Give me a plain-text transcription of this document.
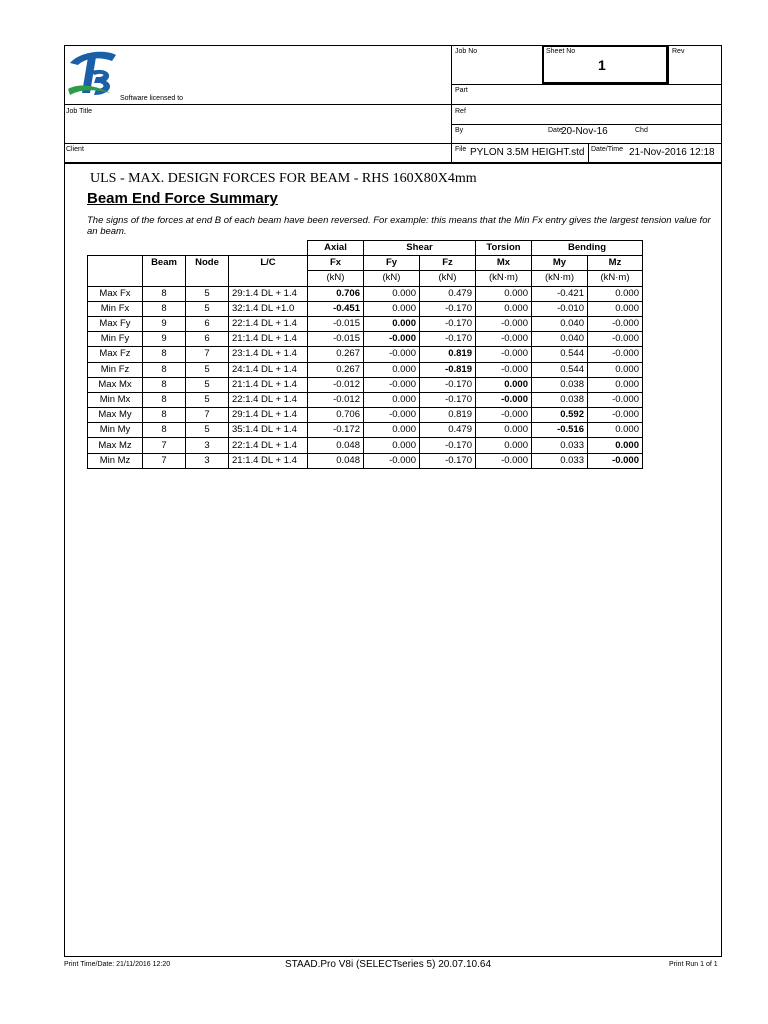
Software licensed to
Job No	Sheet No
1
Rev
Part
Job Title	Ref
By	Date
20-Nov-16	Chd
Client	File PYLON 3.5M HEIGHT.std Date/Time 21-Nov-2016 12:18
ULS - MAX. DESIGN FORCES FOR BEAM - RHS 160X80X4mm
Beam End Force Summary
The signs of the forces at end B of each beam have been reversed. For example: this means that the Min Fx entry gives the largest tension value for an beam.
				Axial	Shear		Torsion	Bending	
	Beam	Node	L/C	Fx	Fy	Fz	Mx	My	Mz
				(kN)	(kN)	(kN)	(kN·m)	(kN·m)	(kN·m)
Max Fx	8	5	29:1.4 DL + 1.4	0.706	0.000	0.479	0.000	-0.421	0.000
Min Fx	8	5	32:1.4 DL +1.0	-0.451	0.000	-0.170	0.000	-0.010	0.000
Max Fy	9	6	22:1.4 DL + 1.4	-0.015	0.000	-0.170	-0.000	0.040	-0.000
Min Fy	9	6	21:1.4 DL + 1.4	-0.015	-0.000	-0.170	-0.000	0.040	-0.000
Max Fz	8	7	23:1.4 DL + 1.4	0.267	-0.000	0.819	-0.000	0.544	-0.000
Min Fz	8	5	24:1.4 DL + 1.4	0.267	0.000	-0.819	-0.000	0.544	0.000
Max Mx	8	5	21:1.4 DL + 1.4	-0.012	-0.000	-0.170	0.000	0.038	0.000
Min Mx	8	5	22:1.4 DL + 1.4	-0.012	0.000	-0.170	-0.000	0.038	-0.000
Max My	8	7	29:1.4 DL + 1.4	0.706	-0.000	0.819	-0.000	0.592	-0.000
Min My	8	5	35:1.4 DL + 1.4	-0.172	0.000	0.479	0.000	-0.516	0.000
Max Mz	7	3	22:1.4 DL + 1.4	0.048	0.000	-0.170	0.000	0.033	0.000
Min Mz	7	3	21:1.4 DL + 1.4	0.048	-0.000	-0.170	-0.000	0.033	-0.000
Print Time/Date: 21/11/2016 12:20	STAAD.Pro V8i (SELECTseries 5) 20.07.10.64	Print Run 1 of 1
